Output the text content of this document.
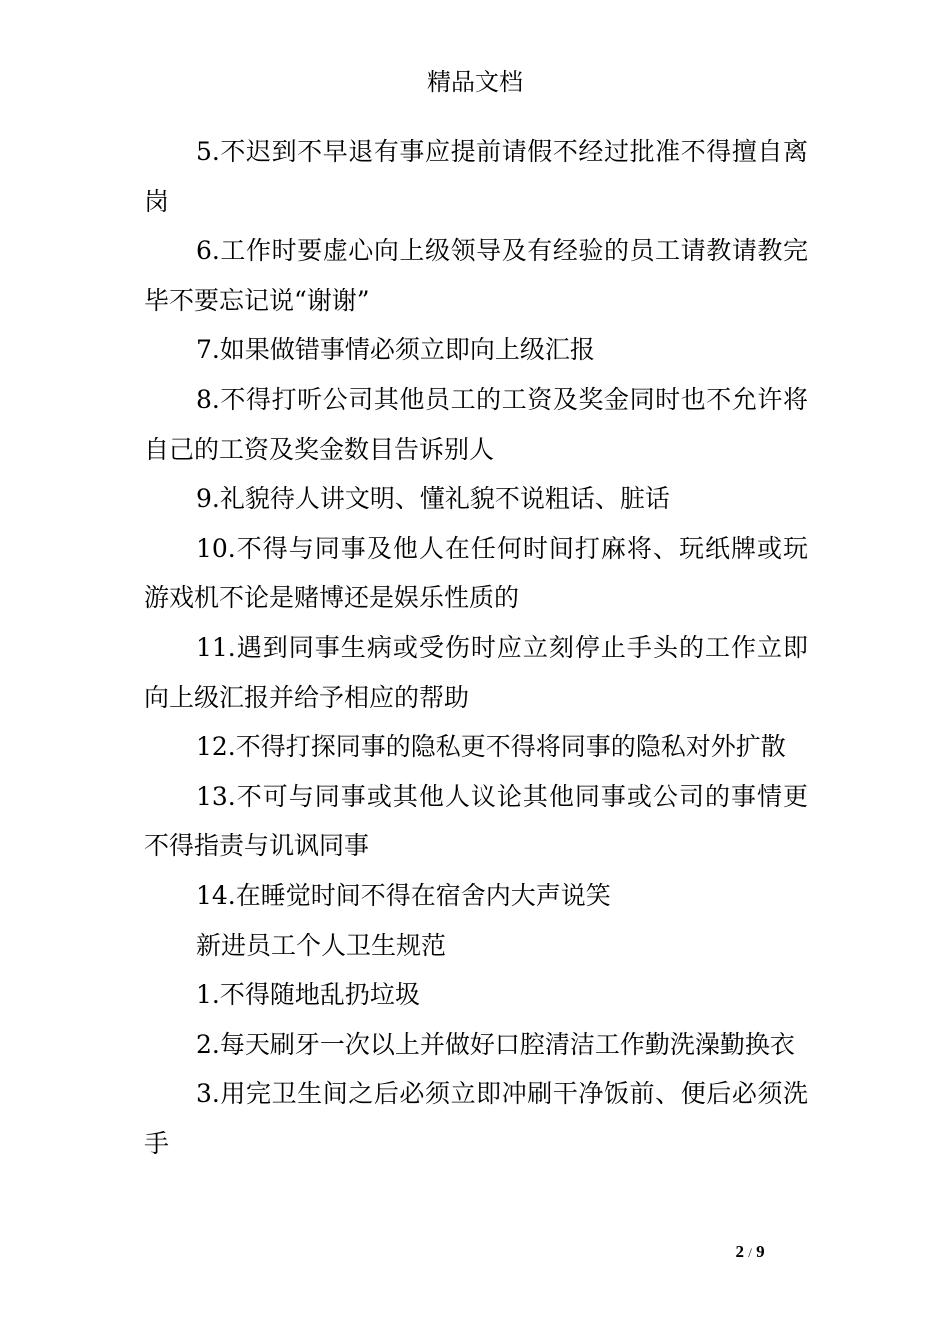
精品文档

5.不迟到不早退有事应提前请假不经过批准不得擅自离岗

6.工作时要虚心向上级领导及有经验的员工请教请教完毕不要忘记说“谢谢”

7.如果做错事情必须立即向上级汇报

8.不得打听公司其他员工的工资及奖金同时也不允许将自己的工资及奖金数目告诉别人

9.礼貌待人讲文明、懂礼貌不说粗话、脏话

10.不得与同事及他人在任何时间打麻将、玩纸牌或玩游戏机不论是赌博还是娱乐性质的

11.遇到同事生病或受伤时应立刻停止手头的工作立即向上级汇报并给予相应的帮助

12.不得打探同事的隐私更不得将同事的隐私对外扩散

13.不可与同事或其他人议论其他同事或公司的事情更不得指责与讥讽同事

14.在睡觉时间不得在宿舍内大声说笑

新进员工个人卫生规范

1.不得随地乱扔垃圾

2.每天刷牙一次以上并做好口腔清洁工作勤洗澡勤换衣

3.用完卫生间之后必须立即冲刷干净饭前、便后必须洗手

2 / 9
